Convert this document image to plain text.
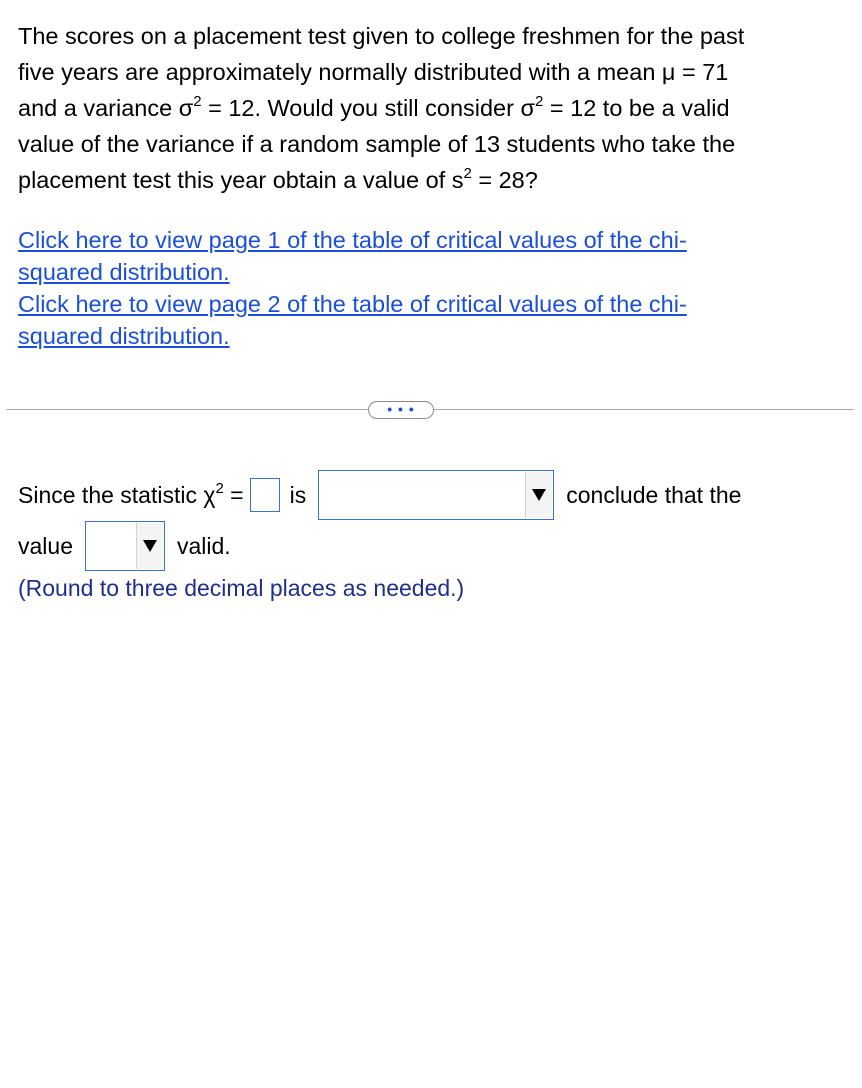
The scores on a placement test given to college freshmen for the past
five years are approximately normally distributed with a mean μ = 71
and a variance $\sigma^2 = 12$. Would you still consider $\sigma^2 = 12$ to be a valid
value of the variance if a random sample of 13 students who take the
placement test this year obtain a value of $s^2 = 28$?
Click here to view page 1 of the table of critical values of the chi-
squared distribution.
Click here to view page 2 of the table of critical values of the chi-
squared distribution.
• • •
Since the statistic $\chi^2$ = is	conclude that the
value	valid.
(Round to three decimal places as needed.)
